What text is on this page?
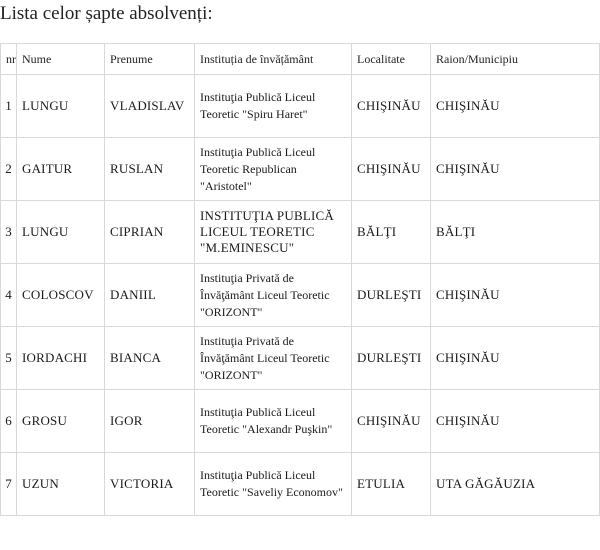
Lista celor șapte absolvenți:
nr	Nume	Prenume	Instituția de învățământ	Localitate	Raion/Municipiu
1	LUNGU	VLADISLAV	Instituţia Publică Liceul Teoretic "Spiru Haret"	CHIŞINĂU	CHIŞINĂU
2	GAITUR	RUSLAN	Instituţia Publică Liceul Teoretic Republican "Aristotel"	CHIŞINĂU	CHIŞINĂU
3	LUNGU	CIPRIAN	INSTITUŢIA PUBLICĂ LICEUL TEORETIC "M.EMINESCU"	BĂLŢI	BĂLŢI
4	COLOSCOV	DANIIL	Instituţia Privată de Învăţământ Liceul Teoretic "ORIZONT"	DURLEŞTI	CHIŞINĂU
5	IORDACHI	BIANCA	Instituţia Privată de Învăţământ Liceul Teoretic "ORIZONT"	DURLEŞTI	CHIŞINĂU
6	GROSU	IGOR	Instituţia Publică Liceul Teoretic "Alexandr Puşkin"	CHIŞINĂU	CHIŞINĂU
7	UZUN	VICTORIA	Instituţia Publică Liceul Teoretic "Saveliy Economov"	ETULIA	UTA GĂGĂUZIA
